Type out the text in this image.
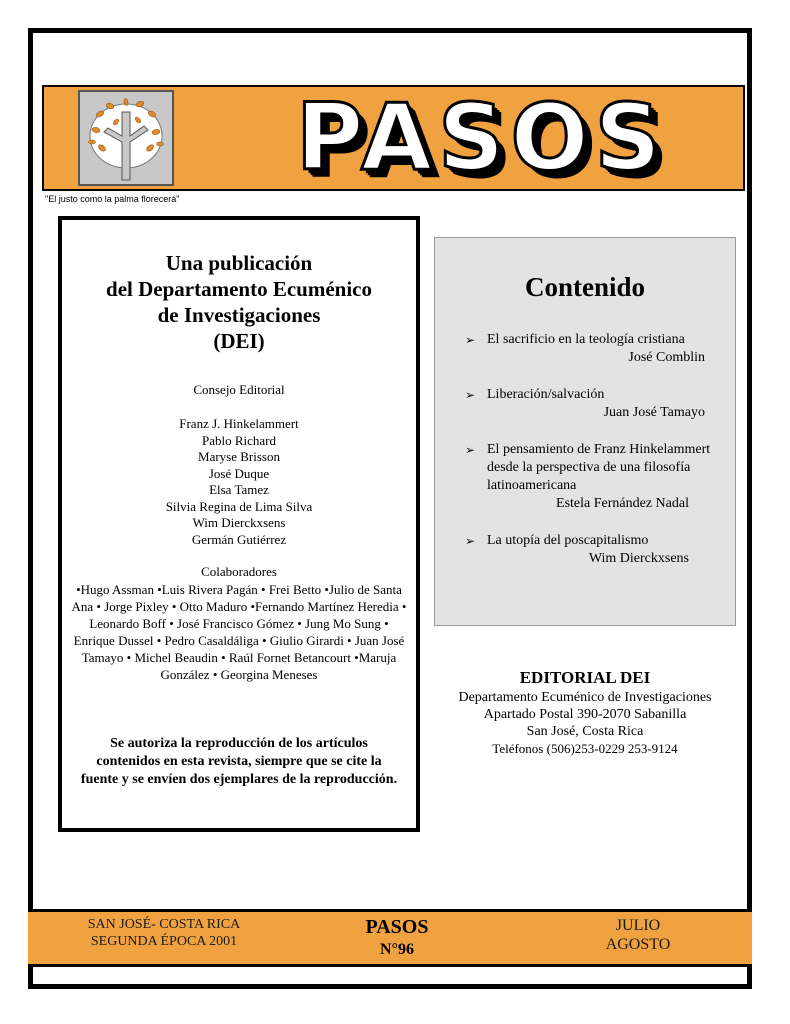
PASOS
"El justo como la palma florecerá"
Una publicación
del Departamento Ecuménico
de Investigaciones
(DEI)
Consejo Editorial
Franz J. Hinkelammert
Pablo Richard
Maryse Brisson
José Duque
Elsa Tamez
Silvia Regina de Lima Silva
Wim Dierckxsens
Germán Gutiérrez
Colaboradores
•Hugo Assman •Luis Rivera Pagán • Frei Betto •Julio de Santa Ana • Jorge Pixley • Otto Maduro •Fernando Martínez Heredia • Leonardo Boff • José Francisco Gómez • Jung Mo Sung • Enrique Dussel • Pedro Casaldáliga • Giulio Girardi • Juan José Tamayo • Michel Beaudin • Raúl Fornet Betancourt •Maruja González • Georgina Meneses
Se autoriza la reproducción de los artículos contenidos en esta revista, siempre que se cite la fuente y se envíen dos ejemplares de la reproducción.
Contenido
➢ El sacrificio en la teología cristiana
José Comblin
➢ Liberación/salvación
Juan José Tamayo
➢ El pensamiento de Franz Hinkelammert desde la perspectiva de una filosofía latinoamericana
Estela Fernández Nadal
➢ La utopía del poscapitalismo
Wim Dierckxsens
EDITORIAL DEI
Departamento Ecuménico de Investigaciones
Apartado Postal 390-2070 Sabanilla
San José, Costa Rica
Teléfonos (506)253-0229 253-9124
SAN JOSÉ- COSTA RICA
SEGUNDA ÉPOCA 2001
PASOS
N°96
JULIO
AGOSTO
